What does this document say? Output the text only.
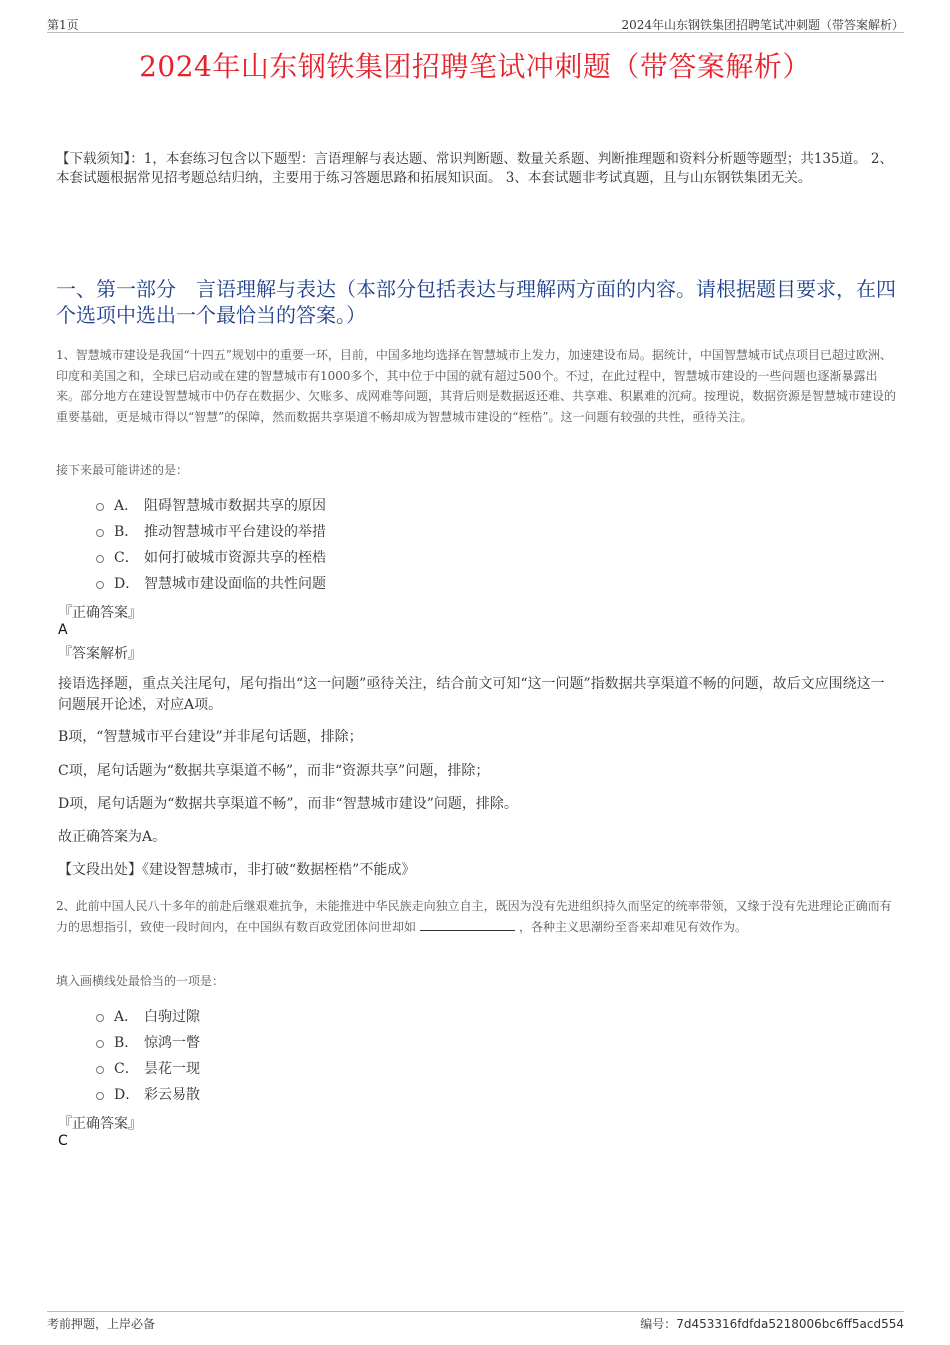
第1页	2024年山东钢铁集团招聘笔试冲刺题（带答案解析）
2024年山东钢铁集团招聘笔试冲刺题（带答案解析）
【下载须知】：1，本套练习包含以下题型：言语理解与表达题、常识判断题、数量关系题、判断推理题和资料分析题等题型；共135道。 2、本套试题根据常见招考题总结归纳，主要用于练习答题思路和拓展知识面。 3、本套试题非考试真题，且与山东钢铁集团无关。
一、第一部分　言语理解与表达（本部分包括表达与理解两方面的内容。请根据题目要求，在四个选项中选出一个最恰当的答案。）
1、智慧城市建设是我国“十四五”规划中的重要一环，目前，中国多地均选择在智慧城市上发力，加速建设布局。据统计，中国智慧城市试点项目已超过欧洲、印度和美国之和，全球已启动或在建的智慧城市有1000多个，其中位于中国的就有超过500个。不过，在此过程中，智慧城市建设的一些问题也逐渐暴露出来。部分地方在建设智慧城市中仍存在数据少、欠账多、成网难等问题，其背后则是数据返还难、共享难、积累难的沉疴。按理说，数据资源是智慧城市建设的重要基础，更是城市得以“智慧”的保障，然而数据共享渠道不畅却成为智慧城市建设的“桎梏”。这一问题有较强的共性，亟待关注。
接下来最可能讲述的是：
A． 阻碍智慧城市数据共享的原因
B． 推动智慧城市平台建设的举措
C． 如何打破城市资源共享的桎梏
D． 智慧城市建设面临的共性问题
『正确答案』
A
『答案解析』
接语选择题，重点关注尾句，尾句指出“这一问题”亟待关注，结合前文可知“这一问题”指数据共享渠道不畅的问题，故后文应围绕这一问题展开论述，对应A项。
B项，“智慧城市平台建设”并非尾句话题，排除；
C项，尾句话题为“数据共享渠道不畅”，而非“资源共享”问题，排除；
D项，尾句话题为“数据共享渠道不畅”，而非“智慧城市建设”问题，排除。
故正确答案为A。
【文段出处】《建设智慧城市，非打破“数据桎梏”不能成》
2、此前中国人民八十多年的前赴后继艰难抗争，未能推进中华民族走向独立自主，既因为没有先进组织持久而坚定的统率带领，又缘于没有先进理论正确而有力的思想指引，致使一段时间内，在中国纵有数百政党团体问世却如	，各种主义思潮纷至沓来却难见有效作为。
填入画横线处最恰当的一项是：
A． 白驹过隙
B． 惊鸿一瞥
C． 昙花一现
D． 彩云易散
『正确答案』
C
考前押题，上岸必备	编号：7d453316fdfda5218006bc6ff5acd554
